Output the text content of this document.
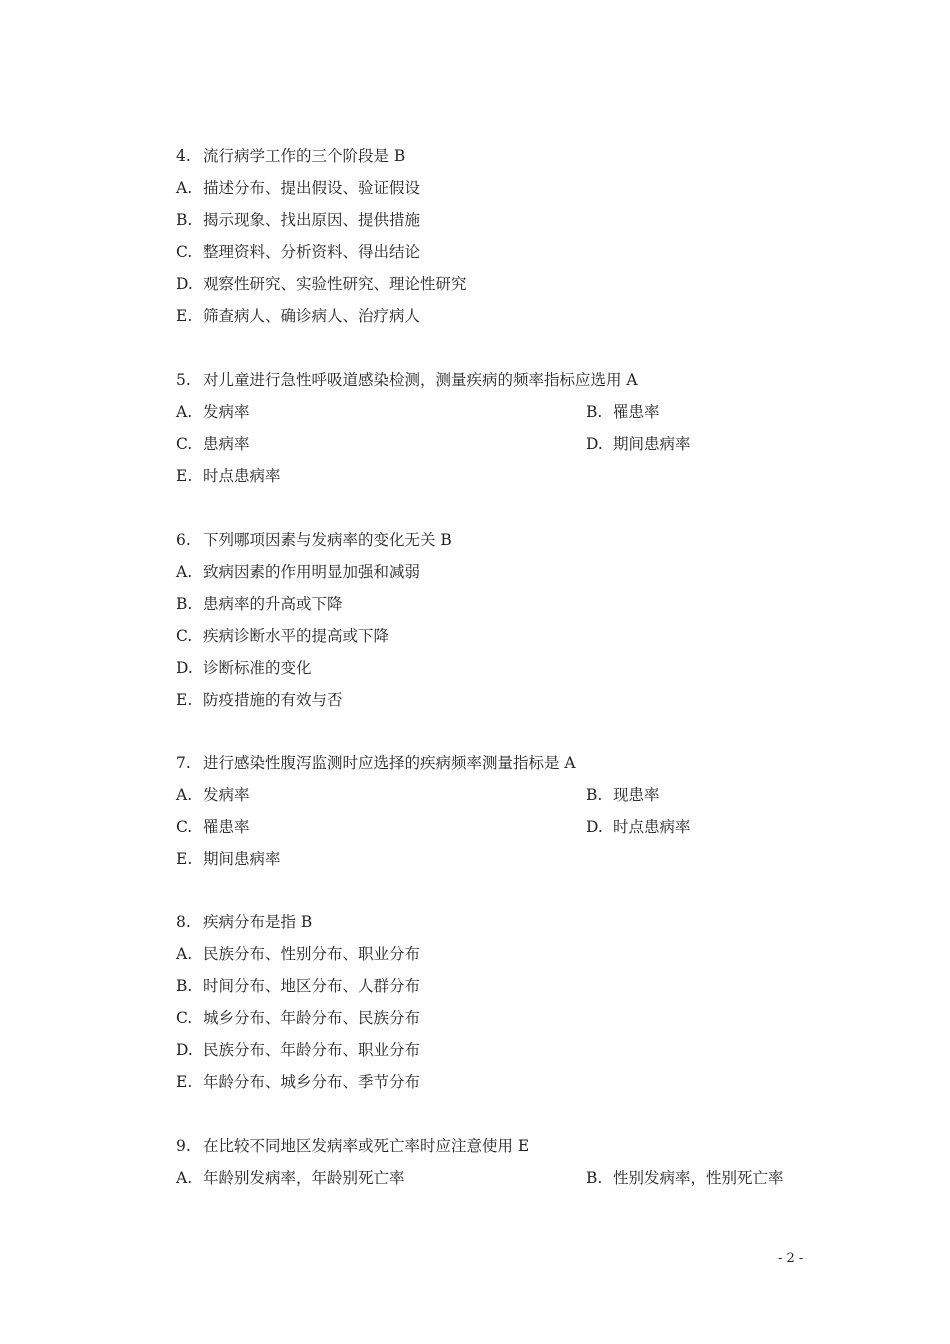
4. 流行病学工作的三个阶段是 B
A. 描述分布、提出假设、验证假设
B. 揭示现象、找出原因、提供措施
C. 整理资料、分析资料、得出结论
D. 观察性研究、实验性研究、理论性研究
E. 筛查病人、确诊病人、治疗病人
5. 对儿童进行急性呼吸道感染检测，测量疾病的频率指标应选用 A
A. 发病率	B. 罹患率
C. 患病率	D. 期间患病率
E. 时点患病率
6. 下列哪项因素与发病率的变化无关 B
A. 致病因素的作用明显加强和减弱
B. 患病率的升高或下降
C. 疾病诊断水平的提高或下降
D. 诊断标准的变化
E. 防疫措施的有效与否
7. 进行感染性腹泻监测时应选择的疾病频率测量指标是 A
A. 发病率	B. 现患率
C. 罹患率	D. 时点患病率
E. 期间患病率
8. 疾病分布是指 B
A. 民族分布、性别分布、职业分布
B. 时间分布、地区分布、人群分布
C. 城乡分布、年龄分布、民族分布
D. 民族分布、年龄分布、职业分布
E. 年龄分布、城乡分布、季节分布
9. 在比较不同地区发病率或死亡率时应注意使用 E
A. 年龄别发病率，年龄别死亡率	B. 性别发病率，性别死亡率
- 2 -
